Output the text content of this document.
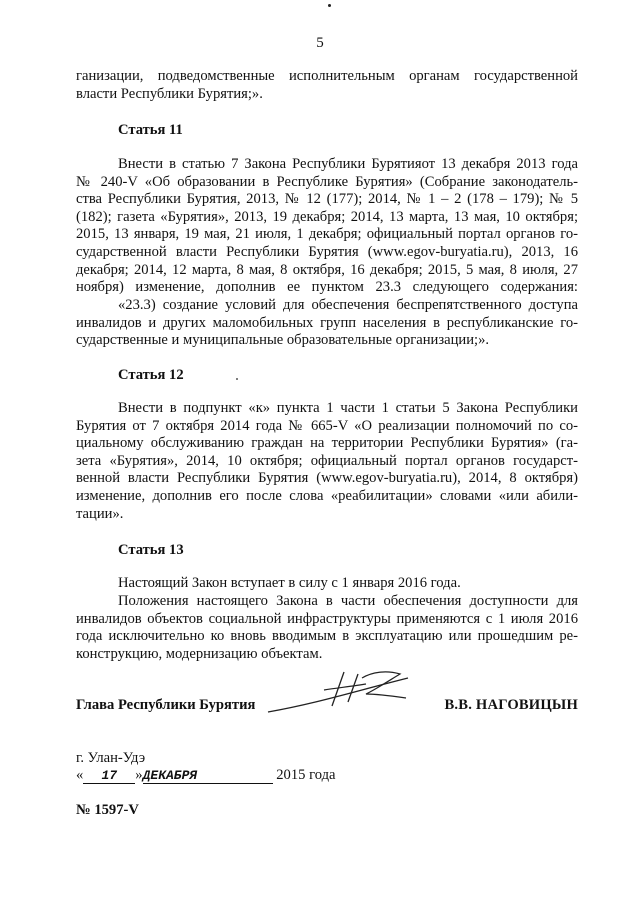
5
ганизации, подведомственные исполнительным органам государственной
власти Республики Бурятия;».
Статья 11
Внести в статью 7 Закона Республики Бурятияот 13 декабря 2013 года
№ 240-V «Об образовании в Республике Бурятия» (Собрание законодатель-
ства Республики Бурятия, 2013, № 12 (177); 2014, № 1 – 2 (178 – 179); № 5
(182); газета «Бурятия», 2013, 19 декабря; 2014, 13 марта, 13 мая, 10 октября;
2015, 13 января, 19 мая, 21 июля, 1 декабря; официальный портал органов го-
сударственной власти Республики Бурятия (www.egov-buryatia.ru), 2013, 16
декабря; 2014, 12 марта, 8 мая, 8 октября, 16 декабря; 2015, 5 мая, 8 июля, 27
ноября) изменение, дополнив ее пунктом 23.3 следующего содержания:
«23.3) создание условий для обеспечения беспрепятственного доступа
инвалидов и других маломобильных групп населения в республиканские го-
сударственные и муниципальные образовательные организации;».
Статья 12
Внести в подпункт «к» пункта 1 части 1 статьи 5 Закона Республики
Бурятия от 7 октября 2014 года № 665-V «О реализации полномочий по со-
циальному обслуживанию граждан на территории Республики Бурятия» (га-
зета «Бурятия», 2014, 10 октября; официальный портал органов государст-
венной власти Республики Бурятия (www.egov-buryatia.ru), 2014, 8 октября)
изменение, дополнив его после слова «реабилитации» словами «или абили-
тации».
Статья 13
Настоящий Закон вступает в силу с 1 января 2016 года.
Положения настоящего Закона в части обеспечения доступности для
инвалидов объектов социальной инфраструктуры применяются с 1 июля 2016
года исключительно ко вновь вводимым в эксплуатацию или прошедшим ре-
конструкцию, модернизацию объектам.
Глава Республики Бурятия	В.В. НАГОВИЦЫН
г. Улан-Удэ
« 17 »ДЕКАБРЯ	2015 года
№ 1597-V
